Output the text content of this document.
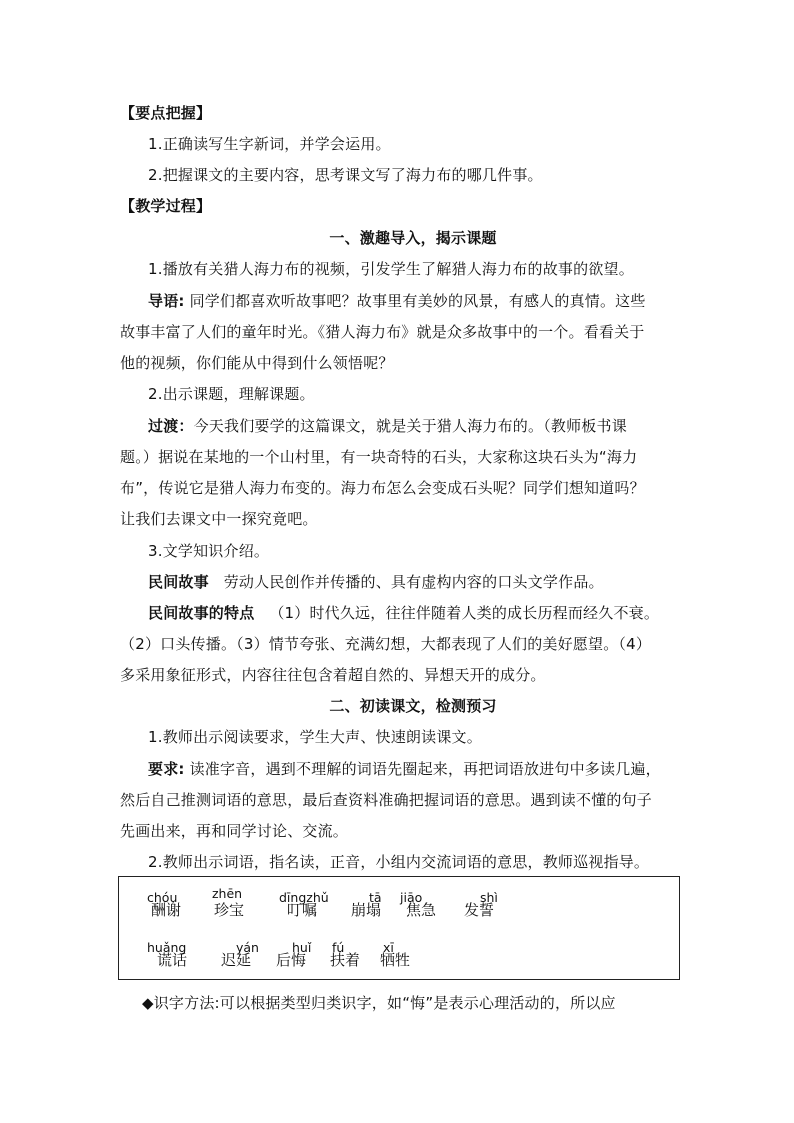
【要点把握】
1.正确读写生字新词，并学会运用。
2.把握课文的主要内容，思考课文写了海力布的哪几件事。
【教学过程】
一、激趣导入，揭示课题
1.播放有关猎人海力布的视频，引发学生了解猎人海力布的故事的欲望。
导语: 同学们都喜欢听故事吧？故事里有美妙的风景，有感人的真情。这些
故事丰富了人们的童年时光。《猎人海力布》就是众多故事中的一个。看看关于
他的视频，你们能从中得到什么领悟呢？
2.出示课题，理解课题。
过渡：今天我们要学的这篇课文，就是关于猎人海力布的。（教师板书课
题。）据说在某地的一个山村里，有一块奇特的石头，大家称这块石头为“海力
布”，传说它是猎人海力布变的。海力布怎么会变成石头呢？同学们想知道吗？
让我们去课文中一探究竟吧。
3.文学知识介绍。
民间故事 劳动人民创作并传播的、具有虚构内容的口头文学作品。
民间故事的特点 （1）时代久远，往往伴随着人类的成长历程而经久不衰。
（2）口头传播。（3）情节夸张、充满幻想，大都表现了人们的美好愿望。（4）
多采用象征形式，内容往往包含着超自然的、异想天开的成分。
二、初读课文，检测预习
1.教师出示阅读要求，学生大声、快速朗读课文。
要求: 读准字音，遇到不理解的词语先圈起来，再把词语放进句中多读几遍，
然后自己推测词语的意思，最后查资料准确把握词语的意思。遇到读不懂的句子
先画出来，再和同学讨论、交流。
2.教师出示词语，指名读，正音，小组内交流词语的意思，教师巡视指导。
chóu
酬谢
zhēn
珍宝
dīngzhǔ
叮嘱
tā
崩塌
jiāo
焦急
shì
发誓
huǎng
谎话
yán
迟延
huǐ
后悔
fú
扶着
xī
牺牲
◆识字方法:可以根据类型归类识字，如“悔”是表示心理活动的，所以应
